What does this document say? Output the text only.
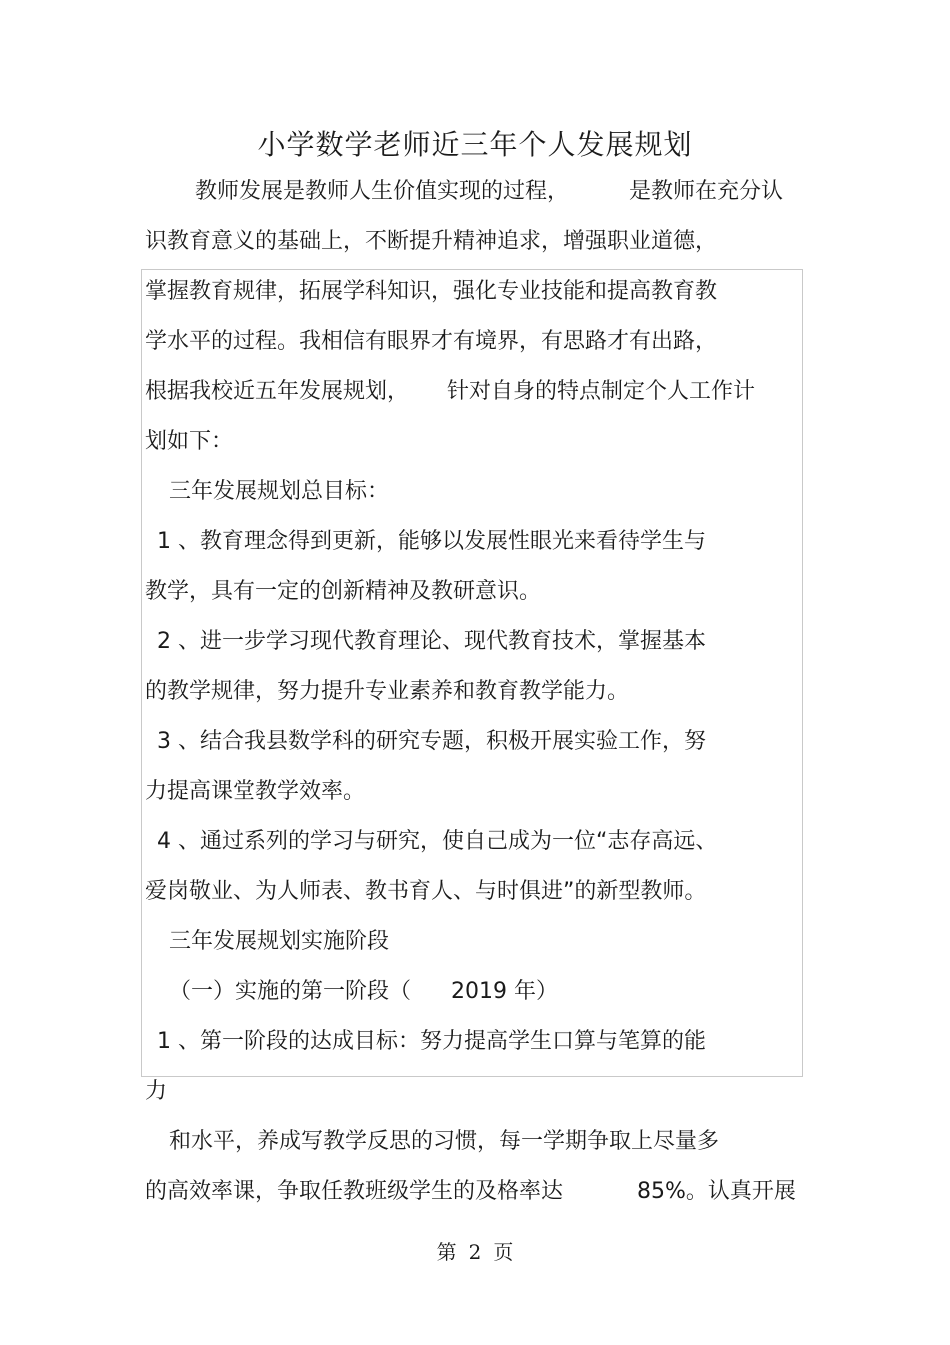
小学数学老师近三年个人发展规划
教师发展是教师人生价值实现的过程，	是教师在充分认
识教育意义的基础上，不断提升精神追求，增强职业道德，
掌握教育规律，拓展学科知识，强化专业技能和提高教育教
学水平的过程。我相信有眼界才有境界，有思路才有出路，
根据我校近五年发展规划， 针对自身的特点制定个人工作计
划如下：
三年发展规划总目标：
1 、教育理念得到更新，能够以发展性眼光来看待学生与
教学，具有一定的创新精神及教研意识。
2 、进一步学习现代教育理论、现代教育技术，掌握基本
的教学规律，努力提升专业素养和教育教学能力。
3 、结合我县数学科的研究专题，积极开展实验工作，努
力提高课堂教学效率。
4 、通过系列的学习与研究，使自己成为一位“志存高远、
爱岗敬业、为人师表、教书育人、与时俱进”的新型教师。
三年发展规划实施阶段
（一）实施的第一阶段（ 2019 年）
1 、第一阶段的达成目标：努力提高学生口算与笔算的能
力
和水平，养成写教学反思的习惯，每一学期争取上尽量多
的高效率课，争取任教班级学生的及格率达	85%。认真开展
第 2 页
